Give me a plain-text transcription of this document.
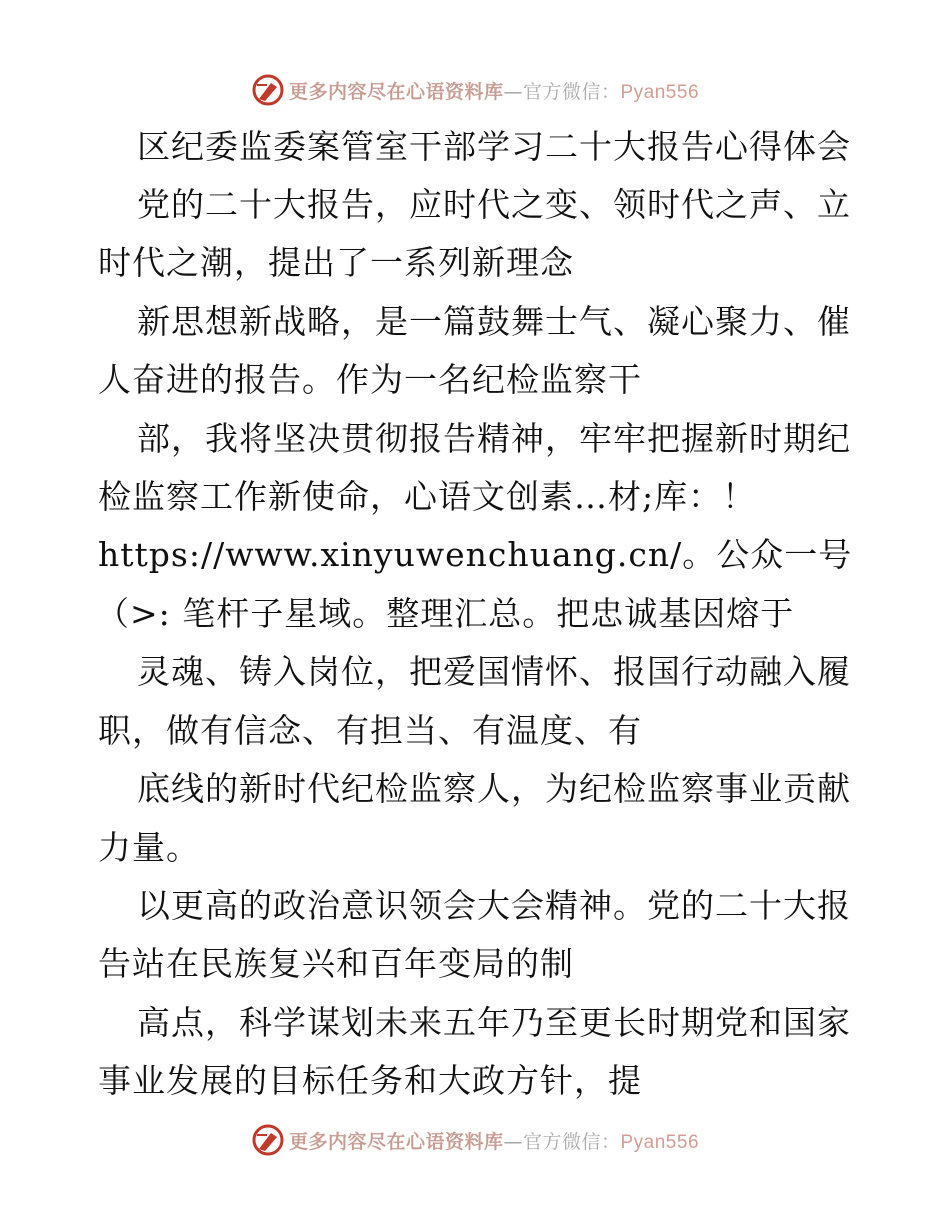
更多内容尽在心语资料库—官方微信：Pyan556
区纪委监委案管室干部学习二十大报告心得体会
党的二十大报告，应时代之变、领时代之声、立
时代之潮，提出了一系列新理念
新思想新战略，是一篇鼓舞士气、凝心聚力、催
人奋进的报告。作为一名纪检监察干
部，我将坚决贯彻报告精神，牢牢把握新时期纪
检监察工作新使命，心语文创素…材;库：！
https://www.xinyuwenchuang.cn/。公众一号
（>: 笔杆子星域。整理汇总。把忠诚基因熔于
灵魂、铸入岗位，把爱国情怀、报国行动融入履
职，做有信念、有担当、有温度、有
底线的新时代纪检监察人，为纪检监察事业贡献
力量。
以更高的政治意识领会大会精神。党的二十大报
告站在民族复兴和百年变局的制
高点，科学谋划未来五年乃至更长时期党和国家
事业发展的目标任务和大政方针，提
更多内容尽在心语资料库—官方微信：Pyan556
